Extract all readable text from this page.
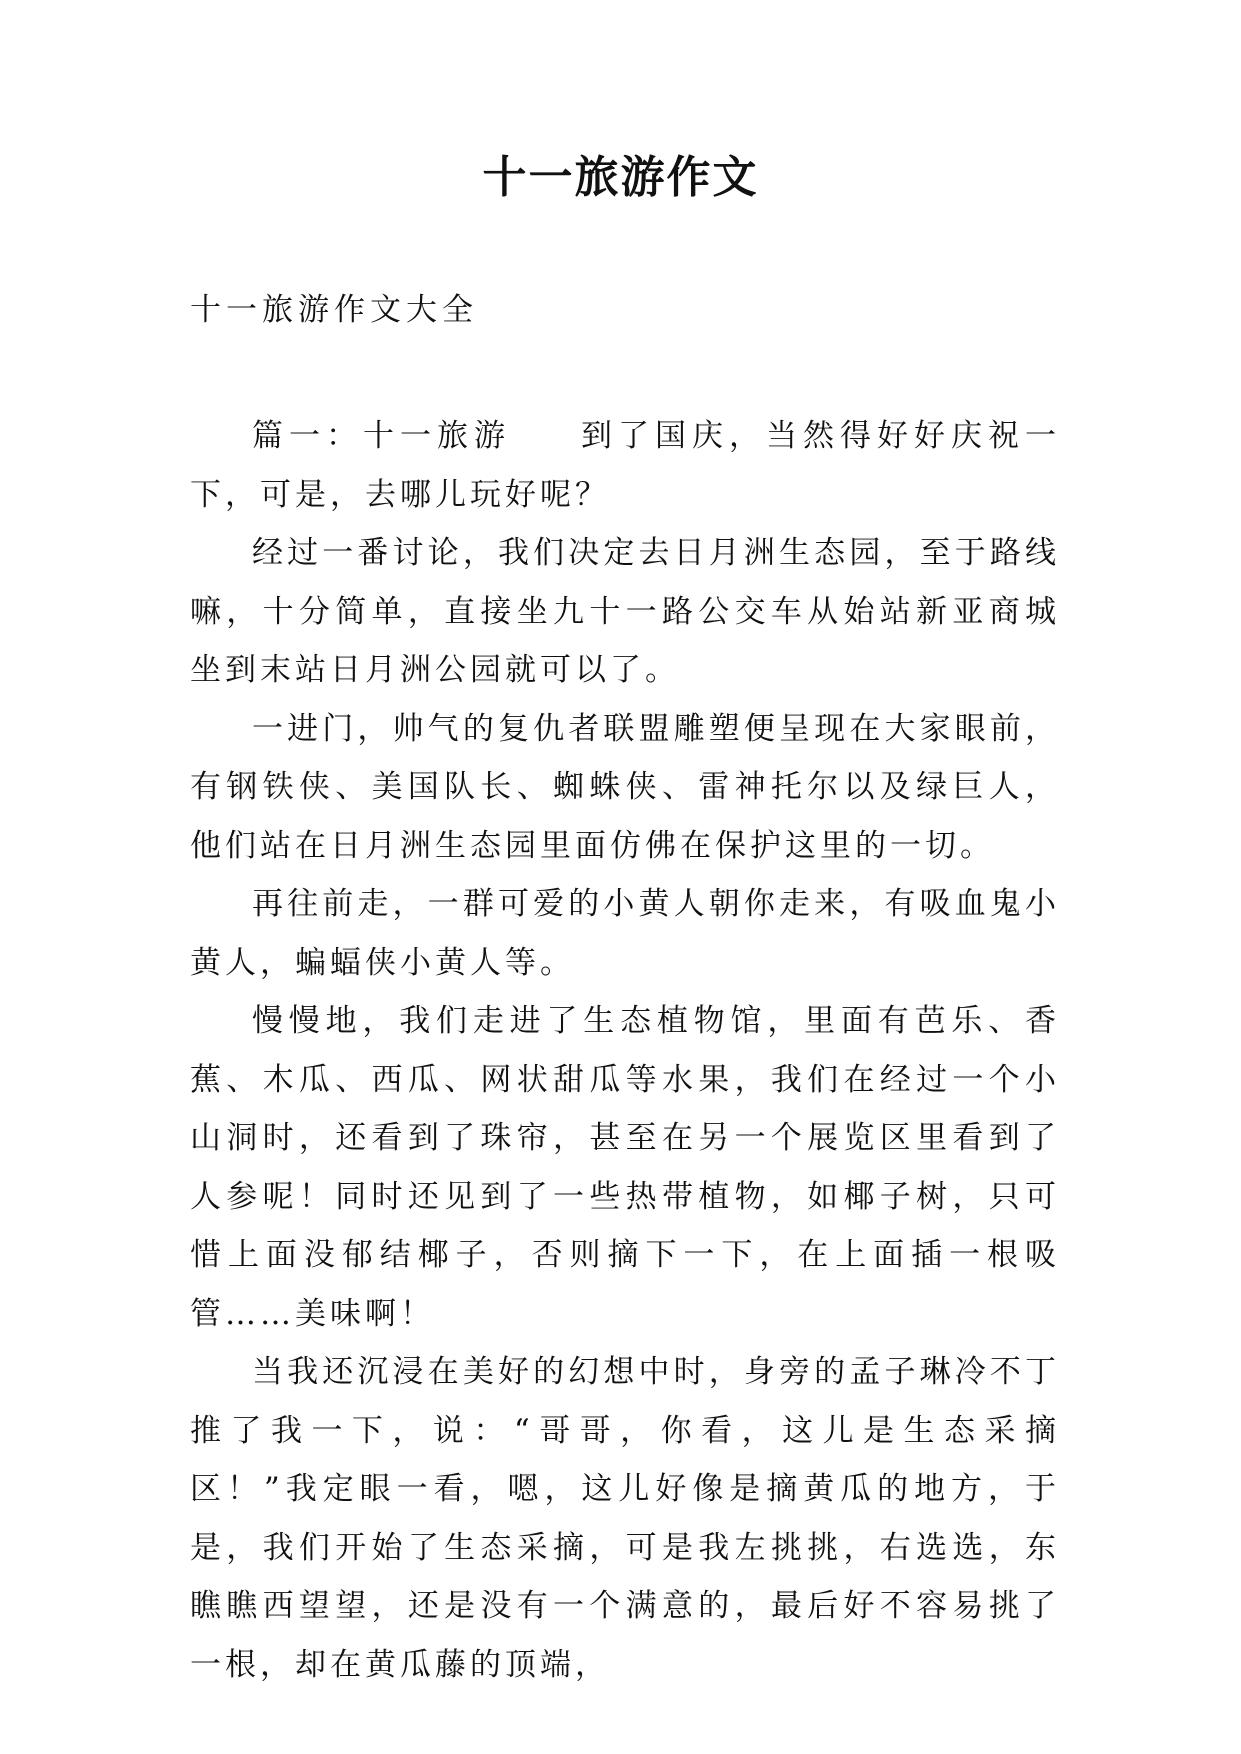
十一旅游作文
十一旅游作文大全

篇一：十一旅游 到了国庆，当然得好好庆祝一下，可是，去哪儿玩好呢？

经过一番讨论，我们决定去日月洲生态园，至于路线嘛，十分简单，直接坐九十一路公交车从始站新亚商城坐到末站日月洲公园就可以了。

一进门，帅气的复仇者联盟雕塑便呈现在大家眼前，有钢铁侠、美国队长、蜘蛛侠、雷神托尔以及绿巨人，他们站在日月洲生态园里面仿佛在保护这里的一切。

再往前走，一群可爱的小黄人朝你走来，有吸血鬼小黄人，蝙蝠侠小黄人等。

慢慢地，我们走进了生态植物馆，里面有芭乐、香蕉、木瓜、西瓜、网状甜瓜等水果，我们在经过一个小山洞时，还看到了珠帘，甚至在另一个展览区里看到了人参呢！同时还见到了一些热带植物，如椰子树，只可惜上面没郁结椰子，否则摘下一下，在上面插一根吸管……美味啊！

当我还沉浸在美好的幻想中时，身旁的孟子琳冷不丁推了我一下，说：“哥哥，你看，这儿是生态采摘区！”我定眼一看，嗯，这儿好像是摘黄瓜的地方，于是，我们开始了生态采摘，可是我左挑挑，右选选，东瞧瞧西望望，还是没有一个满意的，最后好不容易挑了一根，却在黄瓜藤的顶端，
